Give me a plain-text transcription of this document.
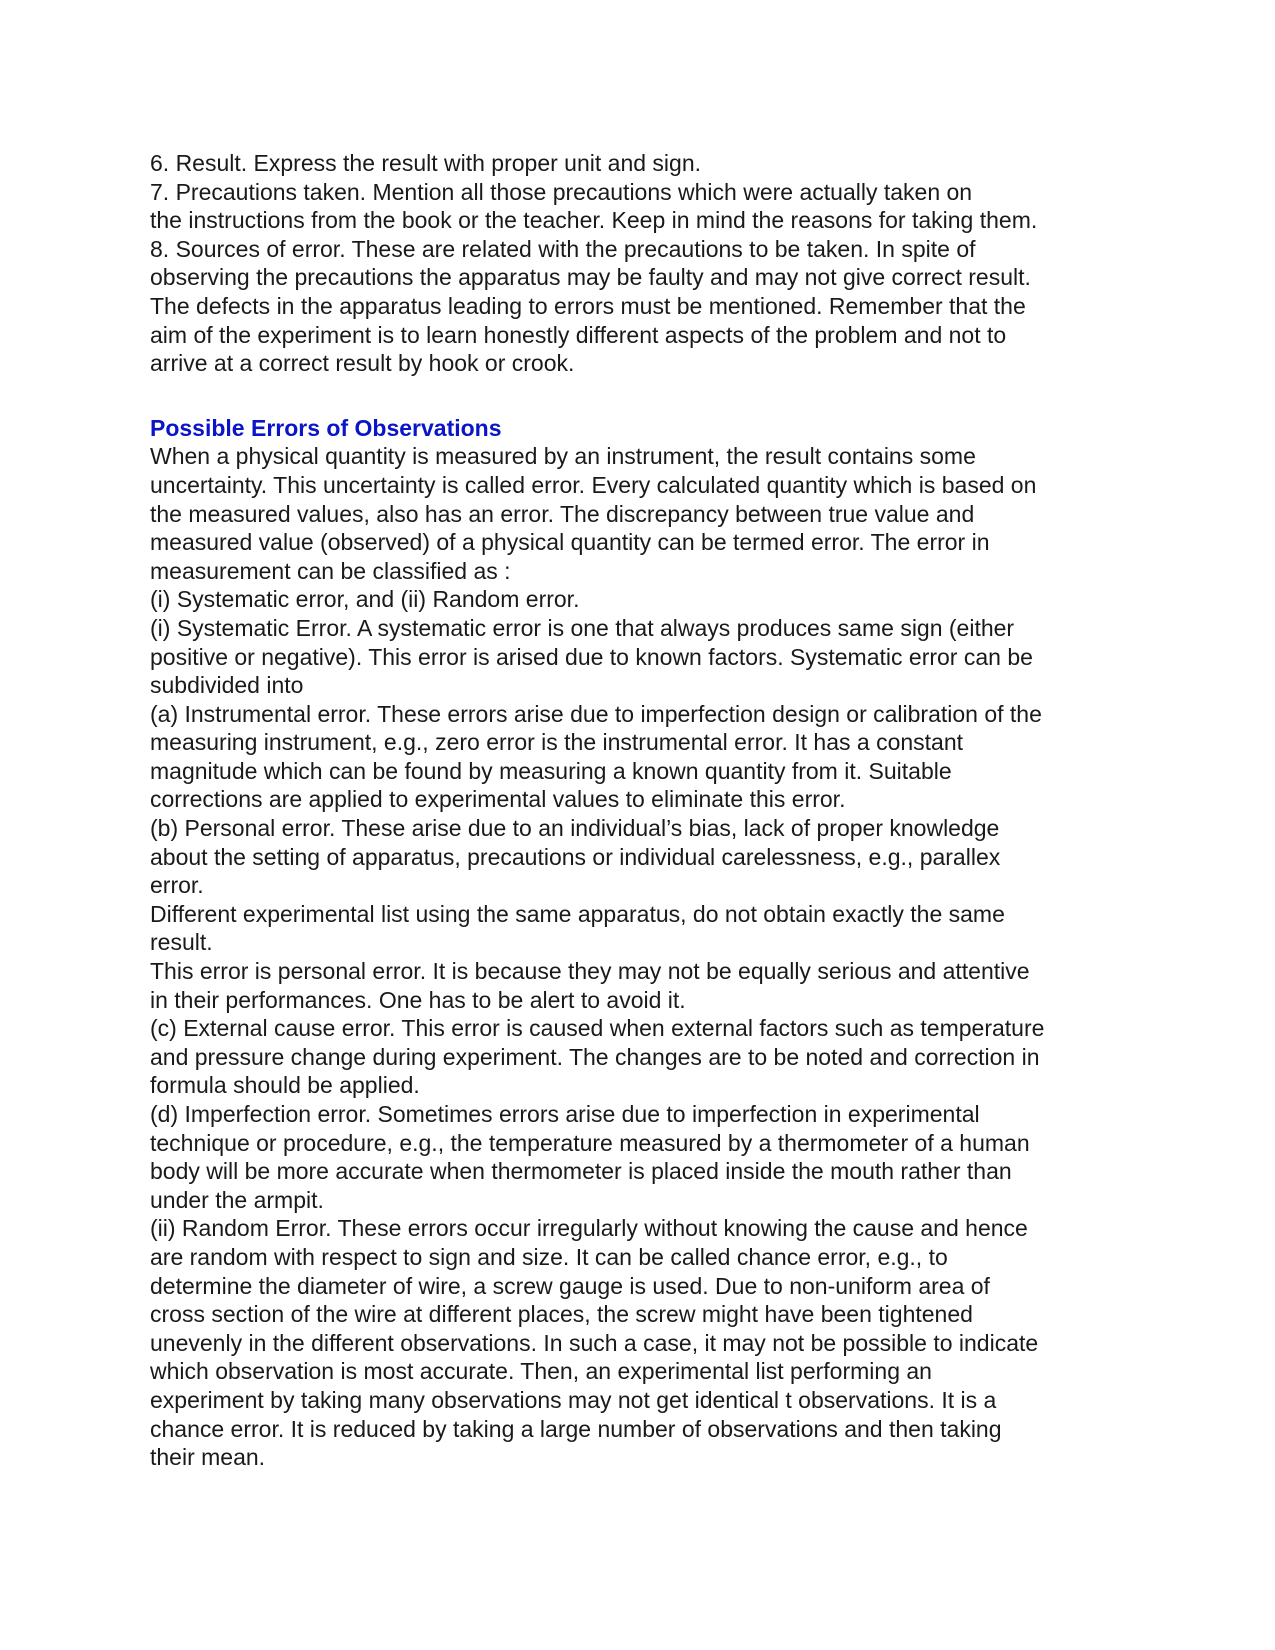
6. Result. Express the result with proper unit and sign.

7. Precautions taken. Mention all those precautions which were actually taken on

the instructions from the book or the teacher. Keep in mind the reasons for taking them.

8. Sources of error. These are related with the precautions to be taken. In spite of

observing the precautions the apparatus may be faulty and may not give correct result.

The defects in the apparatus leading to errors must be mentioned. Remember that the

aim of the experiment is to learn honestly different aspects of the problem and not to

arrive at a correct result by hook or crook.

Possible Errors of Observations

When a physical quantity is measured by an instrument, the result contains some

uncertainty. This uncertainty is called error. Every calculated quantity which is based on

the measured values, also has an error. The discrepancy between true value and

measured value (observed) of a physical quantity can be termed error. The error in

measurement can be classified as :

(i) Systematic error, and (ii) Random error.

(i) Systematic Error. A systematic error is one that always produces same sign (either

positive or negative). This error is arised due to known factors. Systematic error can be

subdivided into

(a) Instrumental error. These errors arise due to imperfection design or calibration of the

measuring instrument, e.g., zero error is the instrumental error. It has a constant

magnitude which can be found by measuring a known quantity from it. Suitable

corrections are applied to experimental values to eliminate this error.

(b) Personal error. These arise due to an individual’s bias, lack of proper knowledge

about the setting of apparatus, precautions or individual carelessness, e.g., parallex

error.

Different experimental list using the same apparatus, do not obtain exactly the same

result.

This error is personal error. It is because they may not be equally serious and attentive

in their performances. One has to be alert to avoid it.

(c) External cause error. This error is caused when external factors such as temperature

and pressure change during experiment. The changes are to be noted and correction in

formula should be applied.

(d) Imperfection error. Sometimes errors arise due to imperfection in experimental

technique or procedure, e.g., the temperature measured by a thermometer of a human

body will be more accurate when thermometer is placed inside the mouth rather than

under the armpit.

(ii) Random Error. These errors occur irregularly without knowing the cause and hence

are random with respect to sign and size. It can be called chance error, e.g., to

determine the diameter of wire, a screw gauge is used. Due to non-uniform area of

cross section of the wire at different places, the screw might have been tightened

unevenly in the different observations. In such a case, it may not be possible to indicate

which observation is most accurate. Then, an experimental list performing an

experiment by taking many observations may not get identical t observations. It is a

chance error. It is reduced by taking a large number of observations and then taking

their mean.
